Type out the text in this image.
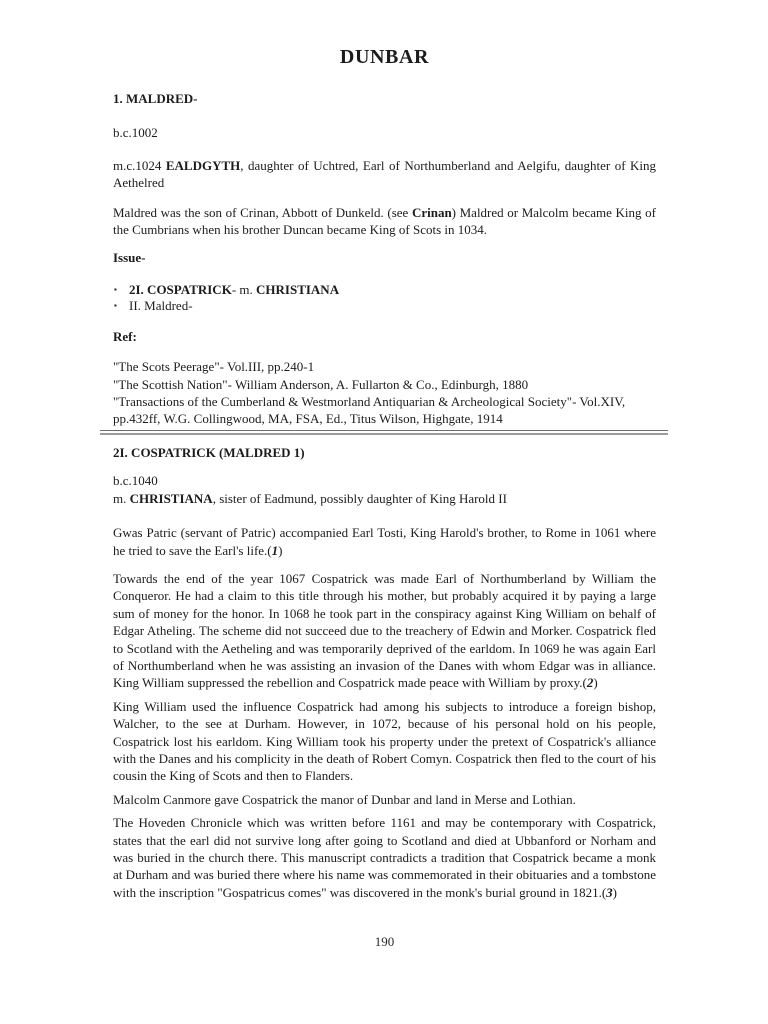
DUNBAR
1. MALDRED-
b.c.1002

m.c.1024 EALDGYTH, daughter of Uchtred, Earl of Northumberland and Aelgifu, daughter of King Aethelred

Maldred was the son of Crinan, Abbott of Dunkeld. (see Crinan) Maldred or Malcolm became King of the Cumbrians when his brother Duncan became King of Scots in 1034.

Issue-
▪ 2I. COSPATRICK- m. CHRISTIANA
▪ II. Maldred-
Ref:
"The Scots Peerage"- Vol.III, pp.240-1
"The Scottish Nation"- William Anderson, A. Fullarton & Co., Edinburgh, 1880
"Transactions of the Cumberland & Westmorland Antiquarian & Archeological Society"- Vol.XIV,
pp.432ff, W.G. Collingwood, MA, FSA, Ed., Titus Wilson, Highgate, 1914
2I. COSPATRICK (MALDRED 1)
b.c.1040
m. CHRISTIANA, sister of Eadmund, possibly daughter of King Harold II

Gwas Patric (servant of Patric) accompanied Earl Tosti, King Harold's brother, to Rome in 1061 where he tried to save the Earl's life.(1)

Towards the end of the year 1067 Cospatrick was made Earl of Northumberland by William the Conqueror. He had a claim to this title through his mother, but probably acquired it by paying a large sum of money for the honor. In 1068 he took part in the conspiracy against King William on behalf of Edgar Atheling. The scheme did not succeed due to the treachery of Edwin and Morker. Cospatrick fled to Scotland with the Aetheling and was temporarily deprived of the earldom. In 1069 he was again Earl of Northumberland when he was assisting an invasion of the Danes with whom Edgar was in alliance. King William suppressed the rebellion and Cospatrick made peace with William by proxy.(2)

King William used the influence Cospatrick had among his subjects to introduce a foreign bishop, Walcher, to the see at Durham. However, in 1072, because of his personal hold on his people, Cospatrick lost his earldom. King William took his property under the pretext of Cospatrick's alliance with the Danes and his complicity in the death of Robert Comyn. Cospatrick then fled to the court of his cousin the King of Scots and then to Flanders.

Malcolm Canmore gave Cospatrick the manor of Dunbar and land in Merse and Lothian.

The Hoveden Chronicle which was written before 1161 and may be contemporary with Cospatrick, states that the earl did not survive long after going to Scotland and died at Ubbanford or Norham and was buried in the church there. This manuscript contradicts a tradition that Cospatrick became a monk at Durham and was buried there where his name was commemorated in their obituaries and a tombstone with the inscription "Gospatricus comes" was discovered in the monk's burial ground in 1821.(3)

190
